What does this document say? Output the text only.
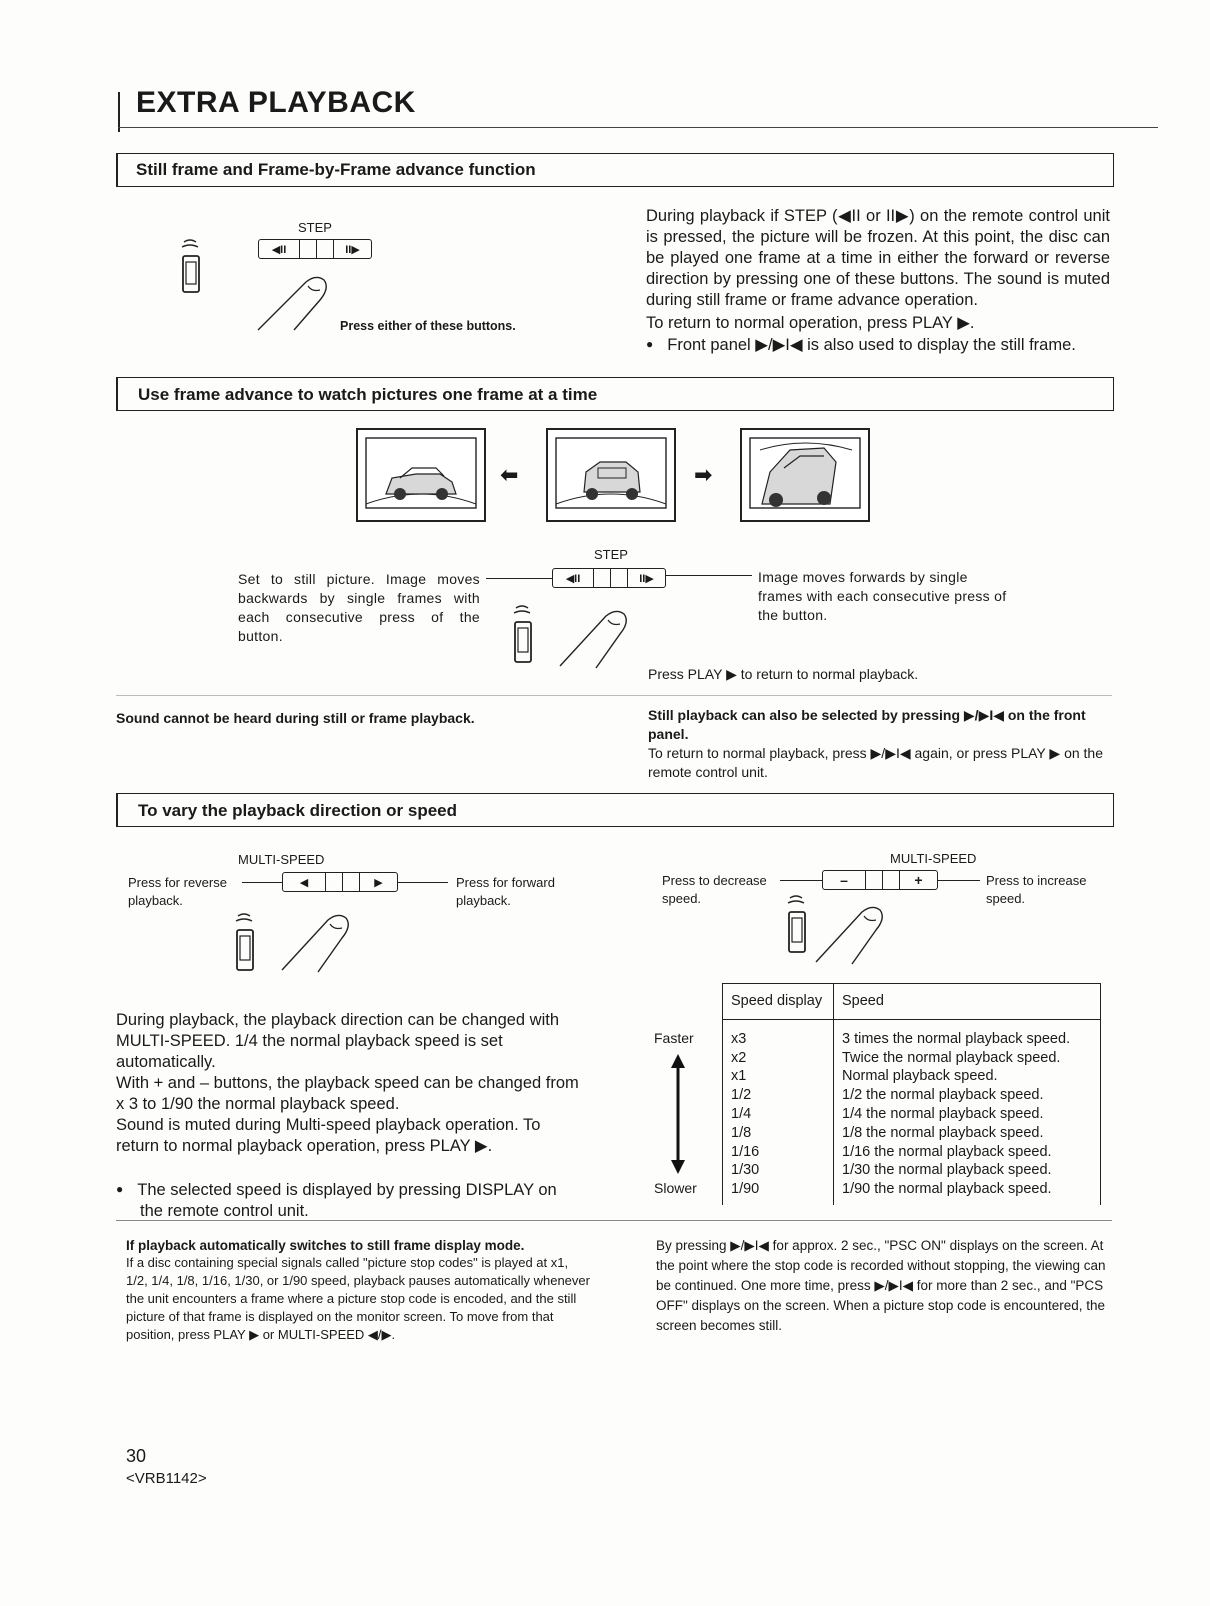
EXTRA PLAYBACK
Still frame and Frame-by-Frame advance function
STEP
◀II	II▶
Press either of these buttons.
During playback if STEP (◀II or II▶) on the remote control unit is pressed, the picture will be frozen. At this point, the disc can be played one frame at a time in either the forward or reverse direction by pressing one of these buttons. The sound is muted during still frame or frame advance operation.
To return to normal operation, press PLAY ▶.
● Front panel ▶/▶I◀ is also used to display the still frame.
Use frame advance to watch pictures one frame at a time
⬅	➡
STEP
◀II	II▶
Set to still picture. Image moves backwards by single frames with each consecutive press of the button.
Image moves forwards by single frames with each consecutive press of the button.
Press PLAY ▶ to return to normal playback.
Sound cannot be heard during still or frame playback.	Still playback can also be selected by pressing ▶/▶I◀ on the front panel.
To return to normal playback, press ▶/▶I◀ again, or press PLAY ▶ on the remote control unit.
To vary the playback direction or speed
MULTI-SPEED
Press for reverse playback.
◀	▶	Press for forward playback.
MULTI-SPEED
Press to decrease speed.
–	+	Press to increase speed.
During playback, the playback direction can be changed with MULTI-SPEED. 1/4 the normal playback speed is set automatically.
With + and – buttons, the playback speed can be changed from x 3 to 1/90 the normal playback speed.
Sound is muted during Multi-speed playback operation. To return to normal playback operation, press PLAY ▶.
● The selected speed is displayed by pressing DISPLAY on the remote control unit.
Faster
Slower
Speed display	Speed
x3	3 times the normal playback speed.
x2	Twice the normal playback speed.
x1	Normal playback speed.
1/2	1/2 the normal playback speed.
1/4	1/4 the normal playback speed.
1/8	1/8 the normal playback speed.
1/16	1/16 the normal playback speed.
1/30	1/30 the normal playback speed.
1/90	1/90 the normal playback speed.
If playback automatically switches to still frame display mode.
If a disc containing special signals called "picture stop codes" is played at x1, 1/2, 1/4, 1/8, 1/16, 1/30, or 1/90 speed, playback pauses automatically whenever the unit encounters a frame where a picture stop code is encoded, and the still picture of that frame is displayed on the monitor screen. To move from that position, press PLAY ▶ or MULTI-SPEED ◀/▶.
By pressing ▶/▶I◀ for approx. 2 sec., "PSC ON" displays on the screen. At the point where the stop code is recorded without stopping, the viewing can be continued. One more time, press ▶/▶I◀ for more than 2 sec., and "PCS OFF" displays on the screen. When a picture stop code is encountered, the screen becomes still.
30
<VRB1142>
